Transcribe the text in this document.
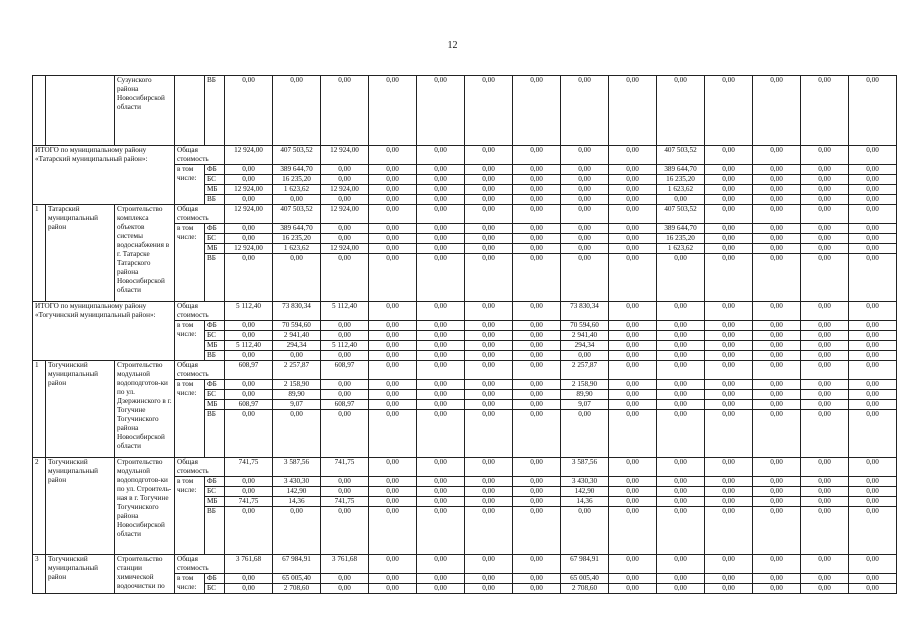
12
		Сузунского района Новосибирской области		ВБ	0,00	0,00	0,00	0,00	0,00	0,00	0,00	0,00	0,00	0,00	0,00	0,00	0,00	0,00
ИТОГО по муниципальному району «Татарский муниципальный район»:			Общая стоимость		12 924,00	407 503,52	12 924,00	0,00	0,00	0,00	0,00	0,00	0,00	407 503,52	0,00	0,00	0,00	0,00
			в том числе:	ФБ	0,00	389 644,70	0,00	0,00	0,00	0,00	0,00	0,00	0,00	389 644,70	0,00	0,00	0,00	0,00
				БС	0,00	16 235,20	0,00	0,00	0,00	0,00	0,00	0,00	0,00	16 235,20	0,00	0,00	0,00	0,00
				МБ	12 924,00	1 623,62	12 924,00	0,00	0,00	0,00	0,00	0,00	0,00	1 623,62	0,00	0,00	0,00	0,00
				ВБ	0,00	0,00	0,00	0,00	0,00	0,00	0,00	0,00	0,00	0,00	0,00	0,00	0,00	0,00
1	Татарский муниципальный район	Строительство комплекса объектов системы водоснабжения в г. Татарске Татарского района Новосибирской области	Общая стоимость		12 924,00	407 503,52	12 924,00	0,00	0,00	0,00	0,00	0,00	0,00	407 503,52	0,00	0,00	0,00	0,00
			в том числе:	ФБ	0,00	389 644,70	0,00	0,00	0,00	0,00	0,00	0,00	0,00	389 644,70	0,00	0,00	0,00	0,00
				БС	0,00	16 235,20	0,00	0,00	0,00	0,00	0,00	0,00	0,00	16 235,20	0,00	0,00	0,00	0,00
				МБ	12 924,00	1 623,62	12 924,00	0,00	0,00	0,00	0,00	0,00	0,00	1 623,62	0,00	0,00	0,00	0,00
				ВБ	0,00	0,00	0,00	0,00	0,00	0,00	0,00	0,00	0,00	0,00	0,00	0,00	0,00	0,00
ИТОГО по муниципальному району «Тогучинский муниципальный район»:			Общая стоимость		5 112,40	73 830,34	5 112,40	0,00	0,00	0,00	0,00	73 830,34	0,00	0,00	0,00	0,00	0,00	0,00
			в том числе:	ФБ	0,00	70 594,60	0,00	0,00	0,00	0,00	0,00	70 594,60	0,00	0,00	0,00	0,00	0,00	0,00
				БС	0,00	2 941,40	0,00	0,00	0,00	0,00	0,00	2 941,40	0,00	0,00	0,00	0,00	0,00	0,00
				МБ	5 112,40	294,34	5 112,40	0,00	0,00	0,00	0,00	294,34	0,00	0,00	0,00	0,00	0,00	0,00
				ВБ	0,00	0,00	0,00	0,00	0,00	0,00	0,00	0,00	0,00	0,00	0,00	0,00	0,00	0,00
1	Тогучинский муниципальный район	Строительство модульной водоподготов-ки по ул. Дзержинского в г. Тогучине Тогучинского района Новосибирской области	Общая стоимость		608,97	2 257,87	608,97	0,00	0,00	0,00	0,00	2 257,87	0,00	0,00	0,00	0,00	0,00	0,00
			в том числе:	ФБ	0,00	2 158,90	0,00	0,00	0,00	0,00	0,00	2 158,90	0,00	0,00	0,00	0,00	0,00	0,00
				БС	0,00	89,90	0,00	0,00	0,00	0,00	0,00	89,90	0,00	0,00	0,00	0,00	0,00	0,00
				МБ	608,97	9,07	608,97	0,00	0,00	0,00	0,00	9,07	0,00	0,00	0,00	0,00	0,00	0,00
				ВБ	0,00	0,00	0,00	0,00	0,00	0,00	0,00	0,00	0,00	0,00	0,00	0,00	0,00	0,00
2	Тогучинский муниципальный район	Строительство модульной водоподготов-ки по ул. Строитель-ная в г. Тогучине Тогучинского района Новосибирской области	Общая стоимость		741,75	3 587,56	741,75	0,00	0,00	0,00	0,00	3 587,56	0,00	0,00	0,00	0,00	0,00	0,00
			в том числе:	ФБ	0,00	3 430,30	0,00	0,00	0,00	0,00	0,00	3 430,30	0,00	0,00	0,00	0,00	0,00	0,00
				БС	0,00	142,90	0,00	0,00	0,00	0,00	0,00	142,90	0,00	0,00	0,00	0,00	0,00	0,00
				МБ	741,75	14,36	741,75	0,00	0,00	0,00	0,00	14,36	0,00	0,00	0,00	0,00	0,00	0,00
				ВБ	0,00	0,00	0,00	0,00	0,00	0,00	0,00	0,00	0,00	0,00	0,00	0,00	0,00	0,00
3	Тогучинский муниципальный район	Строительство станции химической водоочистки по	Общая стоимость		3 761,68	67 984,91	3 761,68	0,00	0,00	0,00	0,00	67 984,91	0,00	0,00	0,00	0,00	0,00	0,00
			в том числе:	ФБ	0,00	65 005,40	0,00	0,00	0,00	0,00	0,00	65 005,40	0,00	0,00	0,00	0,00	0,00	0,00
				БС	0,00	2 708,60	0,00	0,00	0,00	0,00	0,00	2 708,60	0,00	0,00	0,00	0,00	0,00	0,00
